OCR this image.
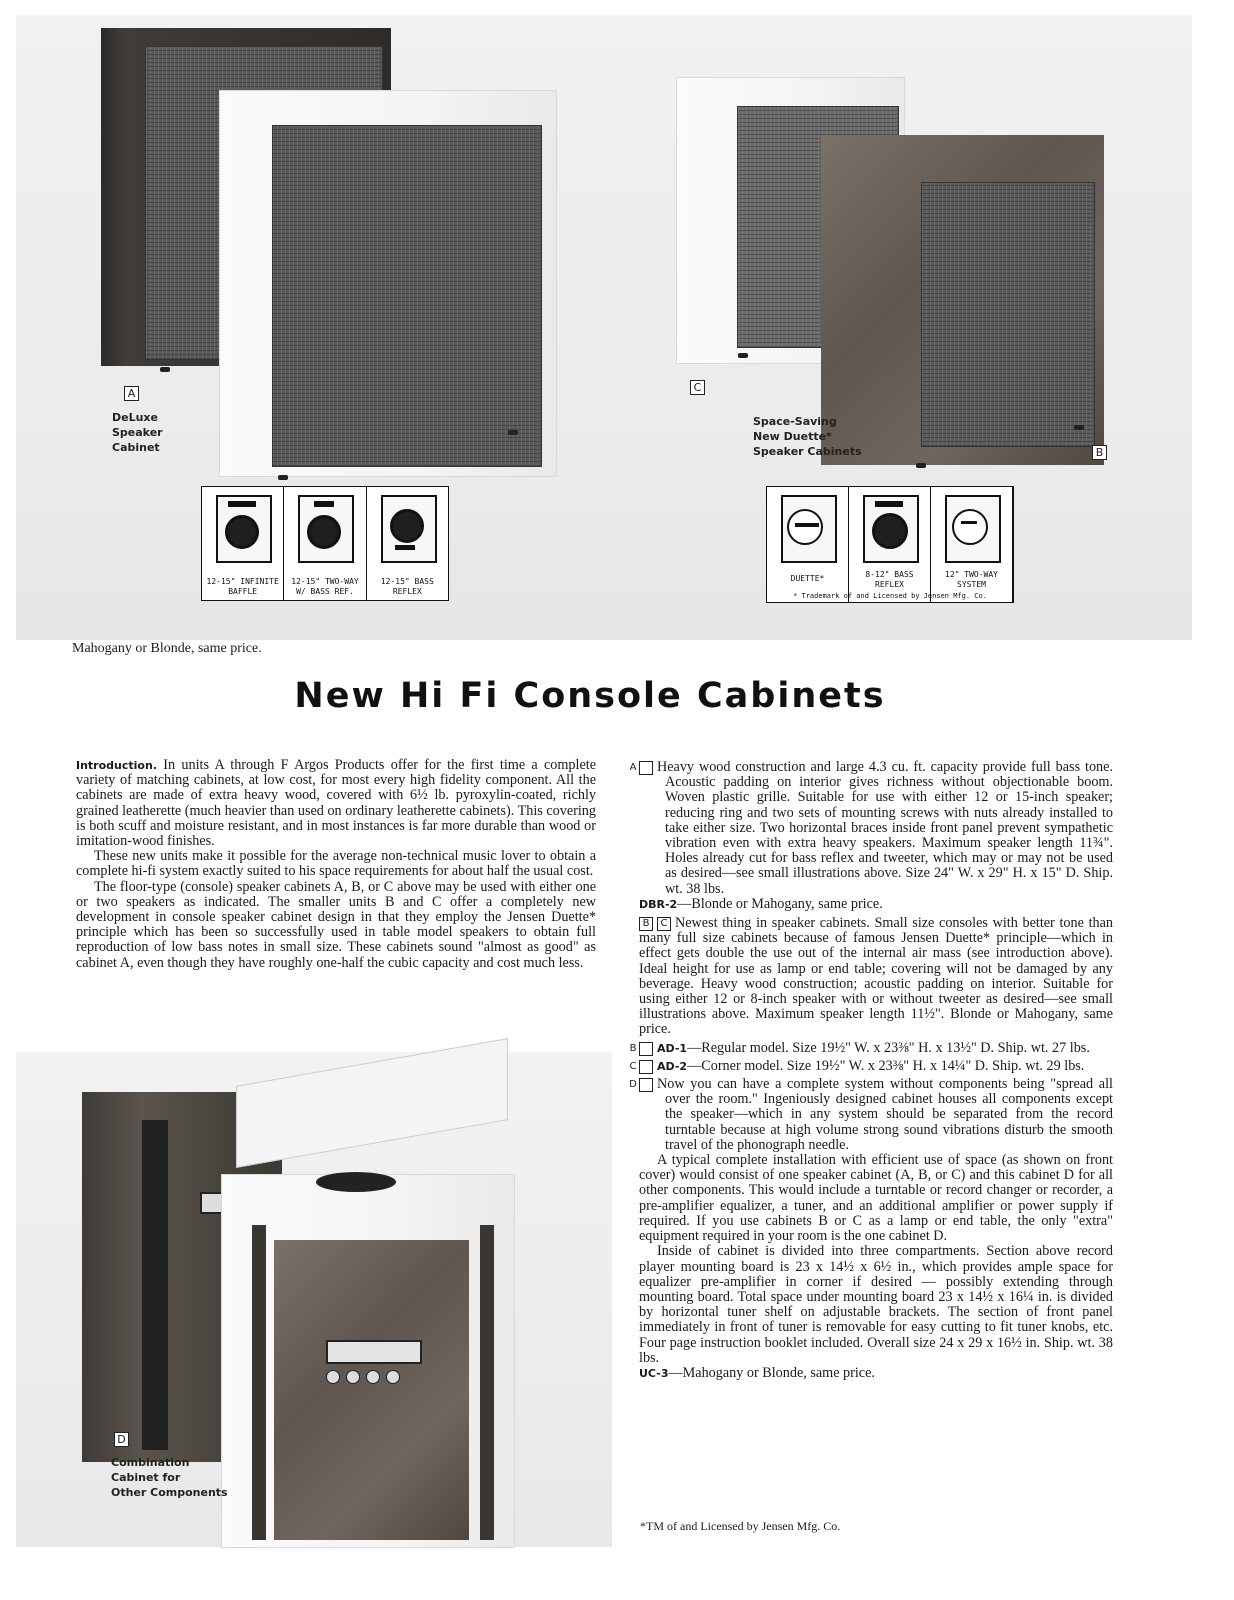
A
DeLuxe
Speaker
Cabinet
C
Space-Saving
New Duette*
Speaker Cabinets	B
12-15" INFINITE
BAFFLE
12-15" TWO-WAY
W/ BASS REF.
12-15" BASS
REFLEX
DUETTE*	8-12" BASS
REFLEX
12" TWO-WAY
SYSTEM
* Trademark of and Licensed by Jensen Mfg. Co.
Mahogany or Blonde, same price.
New Hi Fi Console Cabinets

Introduction. In units A through F Argos Products offer for the first time a complete variety of matching cabinets, at low cost, for most every high fidelity component. All the cabinets are made of extra heavy wood, covered with 6½ lb. pyroxylin-coated, richly grained leatherette (much heavier than used on ordinary leatherette cabinets). This covering is both scuff and moisture resistant, and in most instances is far more durable than wood or imitation-wood finishes.

These new units make it possible for the average non-technical music lover to obtain a complete hi-fi system exactly suited to his space requirements for about half the usual cost.

The floor-type (console) speaker cabinets A, B, or C above may be used with either one or two speakers as indicated. The smaller units B and C offer a completely new development in console speaker cabinet design in that they employ the Jensen Duette* principle which has been so successfully used in table model speakers to obtain full reproduction of low bass notes in small size. These cabinets sound "almost as good" as cabinet A, even though they have roughly one-half the cubic capacity and cost much less.

D
Combination
Cabinet for
Other Components

A Heavy wood construction and large 4.3 cu. ft. capacity provide full bass tone. Acoustic padding on interior gives richness without objectionable boom. Woven plastic grille. Suitable for use with either 12 or 15-inch speaker; reducing ring and two sets of mounting screws with nuts already installed to take either size. Two horizontal braces inside front panel prevent sympathetic vibration even with extra heavy speakers. Maximum speaker length 11¾". Holes already cut for bass reflex and tweeter, which may or may not be used as desired—see small illustrations above. Size 24" W. x 29" H. x 15" D. Ship. wt. 38 lbs.

DBR-2—Blonde or Mahogany, same price.

B C Newest thing in speaker cabinets. Small size consoles with better tone than many full size cabinets because of famous Jensen Duette* principle—which in effect gets double the use out of the internal air mass (see introduction above). Ideal height for use as lamp or end table; covering will not be damaged by any beverage. Heavy wood construction; acoustic padding on interior. Suitable for using either 12 or 8-inch speaker with or without tweeter as desired—see small illustrations above. Maximum speaker length 11½". Blonde or Mahogany, same price.

B AD-1—Regular model. Size 19½" W. x 23⅜" H. x 13½" D. Ship. wt. 27 lbs.

C AD-2—Corner model. Size 19½" W. x 23⅜" H. x 14¼" D. Ship. wt. 29 lbs.

D Now you can have a complete system without components being "spread all over the room." Ingeniously designed cabinet houses all components except the speaker—which in any system should be separated from the record turntable because at high volume strong sound vibrations disturb the smooth travel of the phonograph needle.

A typical complete installation with efficient use of space (as shown on front cover) would consist of one speaker cabinet (A, B, or C) and this cabinet D for all other components. This would include a turntable or record changer or recorder, a pre-amplifier equalizer, a tuner, and an additional amplifier or power supply if required. If you use cabinets B or C as a lamp or end table, the only "extra" equipment required in your room is the one cabinet D.

Inside of cabinet is divided into three compartments. Section above record player mounting board is 23 x 14½ x 6½ in., which provides ample space for equalizer pre-amplifier in corner if desired — possibly extending through mounting board. Total space under mounting board 23 x 14½ x 16¼ in. is divided by horizontal tuner shelf on adjustable brackets. The section of front panel immediately in front of tuner is removable for easy cutting to fit tuner knobs, etc. Four page instruction booklet included. Overall size 24 x 29 x 16½ in. Ship. wt. 38 lbs.

UC-3—Mahogany or Blonde, same price.

*TM of and Licensed by Jensen Mfg. Co.
